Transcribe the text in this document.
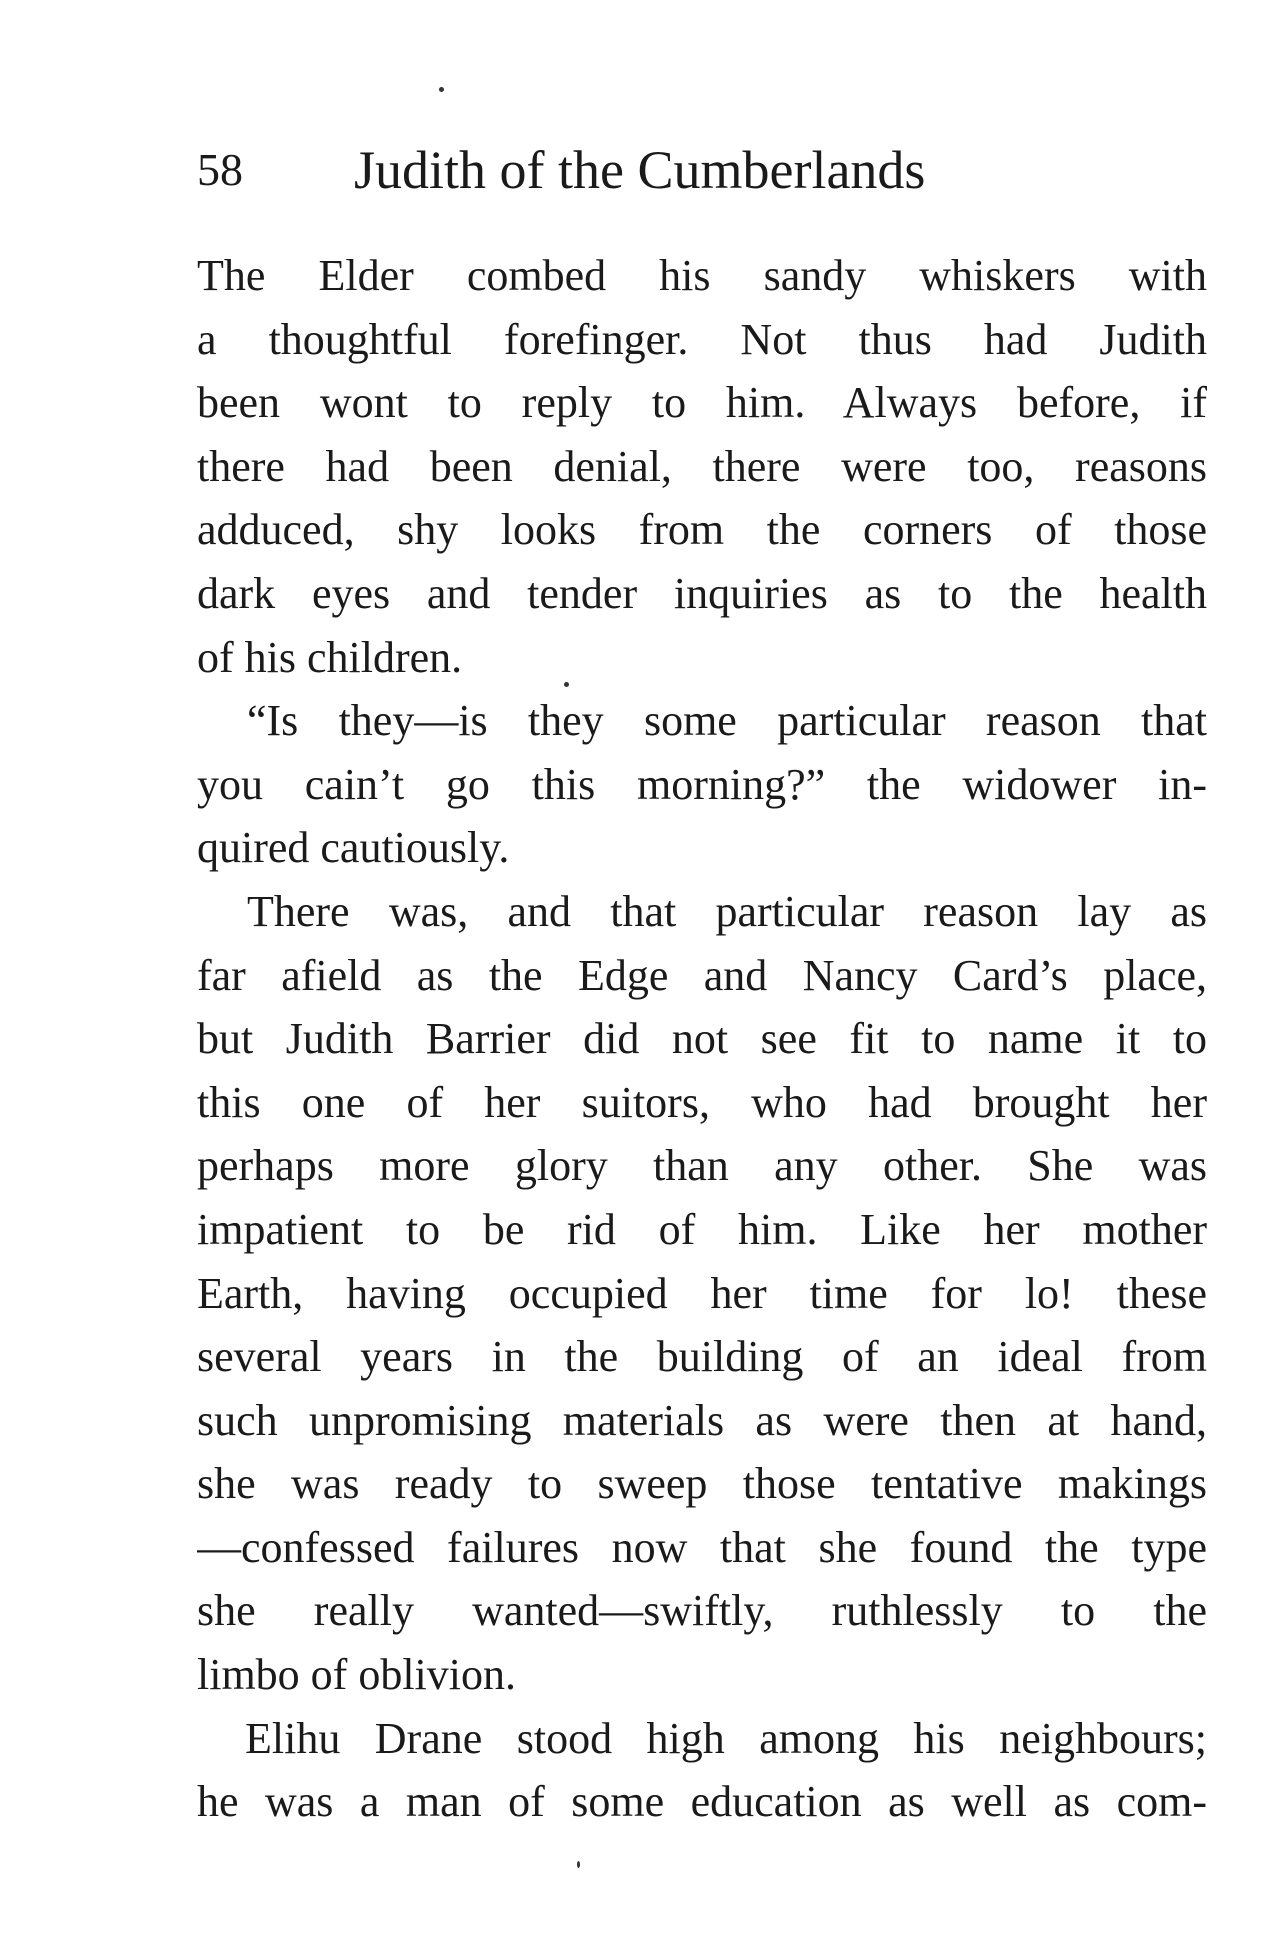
58 Judith of the Cumberlands
The Elder combed his sandy whiskers with
a thoughtful forefinger. Not thus had Judith
been wont to reply to him. Always before, if
there had been denial, there were too, reasons
adduced, shy looks from the corners of those
dark eyes and tender inquiries as to the health
of his children.
“Is they—is they some particular reason that
you cain’t go this morning?” the widower in-
quired cautiously.
There was, and that particular reason lay as
far afield as the Edge and Nancy Card’s place,
but Judith Barrier did not see fit to name it to
this one of her suitors, who had brought her
perhaps more glory than any other. She was
impatient to be rid of him. Like her mother
Earth, having occupied her time for lo! these
several years in the building of an ideal from
such unpromising materials as were then at hand,
she was ready to sweep those tentative makings
—confessed failures now that she found the type
she really wanted—swiftly, ruthlessly to the
limbo of oblivion.
Elihu Drane stood high among his neighbours;
he was a man of some education as well as com-
